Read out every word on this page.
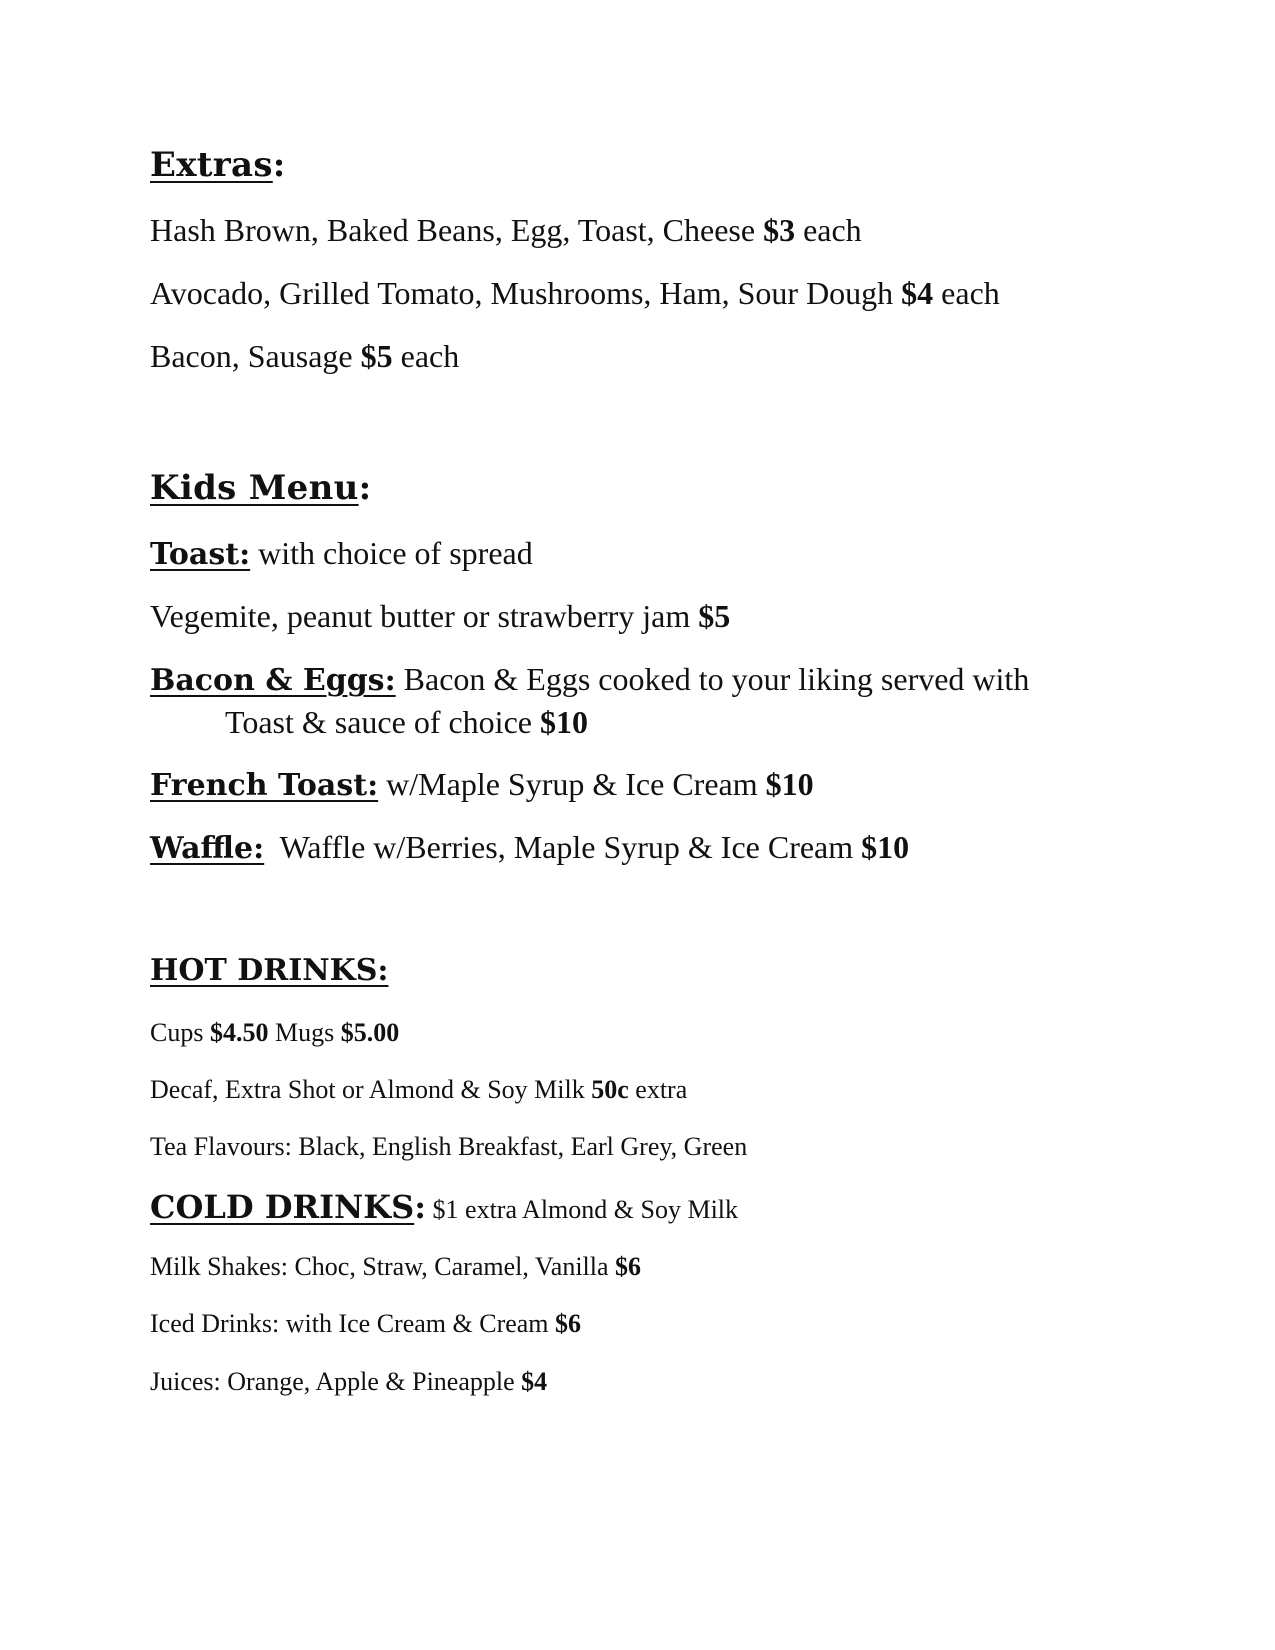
Extras:
Hash Brown, Baked Beans, Egg, Toast, Cheese $3 each
Avocado, Grilled Tomato, Mushrooms, Ham, Sour Dough $4 each
Bacon, Sausage $5 each
Kids Menu:
Toast: with choice of spread
Vegemite, peanut butter or strawberry jam $5
Bacon & Eggs: Bacon & Eggs cooked to your liking served with
Toast & sauce of choice $10
French Toast: w/Maple Syrup & Ice Cream $10
Waffle:  Waffle w/Berries, Maple Syrup & Ice Cream $10
HOT DRINKS:
Cups $4.50 Mugs $5.00
Decaf, Extra Shot or Almond & Soy Milk 50c extra
Tea Flavours: Black, English Breakfast, Earl Grey, Green
COLD DRINKS: $1 extra Almond & Soy Milk
Milk Shakes: Choc, Straw, Caramel, Vanilla $6
Iced Drinks: with Ice Cream & Cream $6
Juices: Orange, Apple & Pineapple $4
